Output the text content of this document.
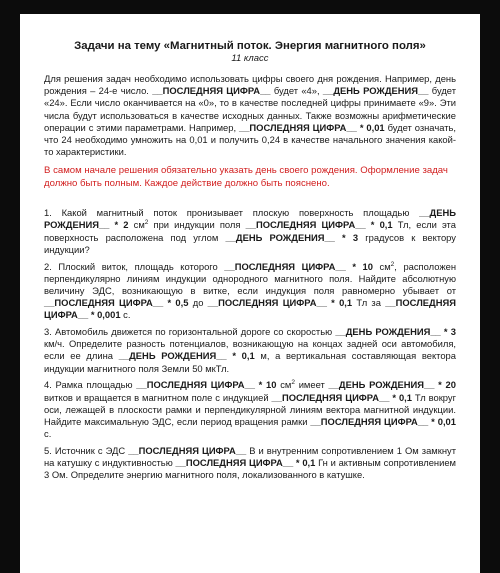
Задачи на тему «Магнитный поток. Энергия магнитного поля»

11 класс

Для решения задач необходимо использовать цифры своего дня рождения. Например, день рождения – 24-е число. __ПОСЛЕДНЯЯ ЦИФРА__ будет «4», __ДЕНЬ РОЖДЕНИЯ__ будет «24». Если число оканчивается на «0», то в качестве последней цифры принимаете «9». Эти числа будут использоваться в качестве исходных данных. Также возможны арифметические операции с этими параметрами. Например, __ПОСЛЕДНЯЯ ЦИФРА__ * 0,01 будет означать, что 24 необходимо умножить на 0,01 и получить 0,24 в качестве начального значения какой-то характеристики.

В самом начале решения обязательно указать день своего рождения. Оформление задач должно быть полным. Каждое действие должно быть пояснено.

1. Какой магнитный поток пронизывает плоскую поверхность площадью __ДЕНЬ РОЖДЕНИЯ__ * 2 $см^2$ при индукции поля __ПОСЛЕДНЯЯ ЦИФРА__ * 0,1 Тл, если эта поверхность расположена под углом __ДЕНЬ РОЖДЕНИЯ__ * 3 градусов к вектору индукции?

2. Плоский виток, площадь которого __ПОСЛЕДНЯЯ ЦИФРА__ * 10 $см^2$, расположен перпендикулярно линиям индукции однородного магнитного поля. Найдите абсолютную величину ЭДС, возникающую в витке, если индукция поля равномерно убывает от __ПОСЛЕДНЯЯ ЦИФРА__ * 0,5 до __ПОСЛЕДНЯЯ ЦИФРА__ * 0,1 Тл за __ПОСЛЕДНЯЯ ЦИФРА__ * 0,001 с.

3. Автомобиль движется по горизонтальной дороге со скоростью __ДЕНЬ РОЖДЕНИЯ__ * 3 км/ч. Определите разность потенциалов, возникающую на концах задней оси автомобиля, если ее длина __ДЕНЬ РОЖДЕНИЯ__ * 0,1 м, а вертикальная составляющая вектора индукции магнитного поля Земли 50 мкТл.

4. Рамка площадью __ПОСЛЕДНЯЯ ЦИФРА__ * 10 $см^2$ имеет __ДЕНЬ РОЖДЕНИЯ__ * 20 витков и вращается в магнитном поле с индукцией __ПОСЛЕДНЯЯ ЦИФРА__ * 0,1 Тл вокруг оси, лежащей в плоскости рамки и перпендикулярной линиям вектора магнитной индукции. Найдите максимальную ЭДС, если период вращения рамки __ПОСЛЕДНЯЯ ЦИФРА__ * 0,01 с.

5. Источник с ЭДС __ПОСЛЕДНЯЯ ЦИФРА__ В и внутренним сопротивлением 1 Ом замкнут на катушку с индуктивностью __ПОСЛЕДНЯЯ ЦИФРА__ * 0,1 Гн и активным сопротивлением 3 Ом. Определите энергию магнитного поля, локализованного в катушке.
